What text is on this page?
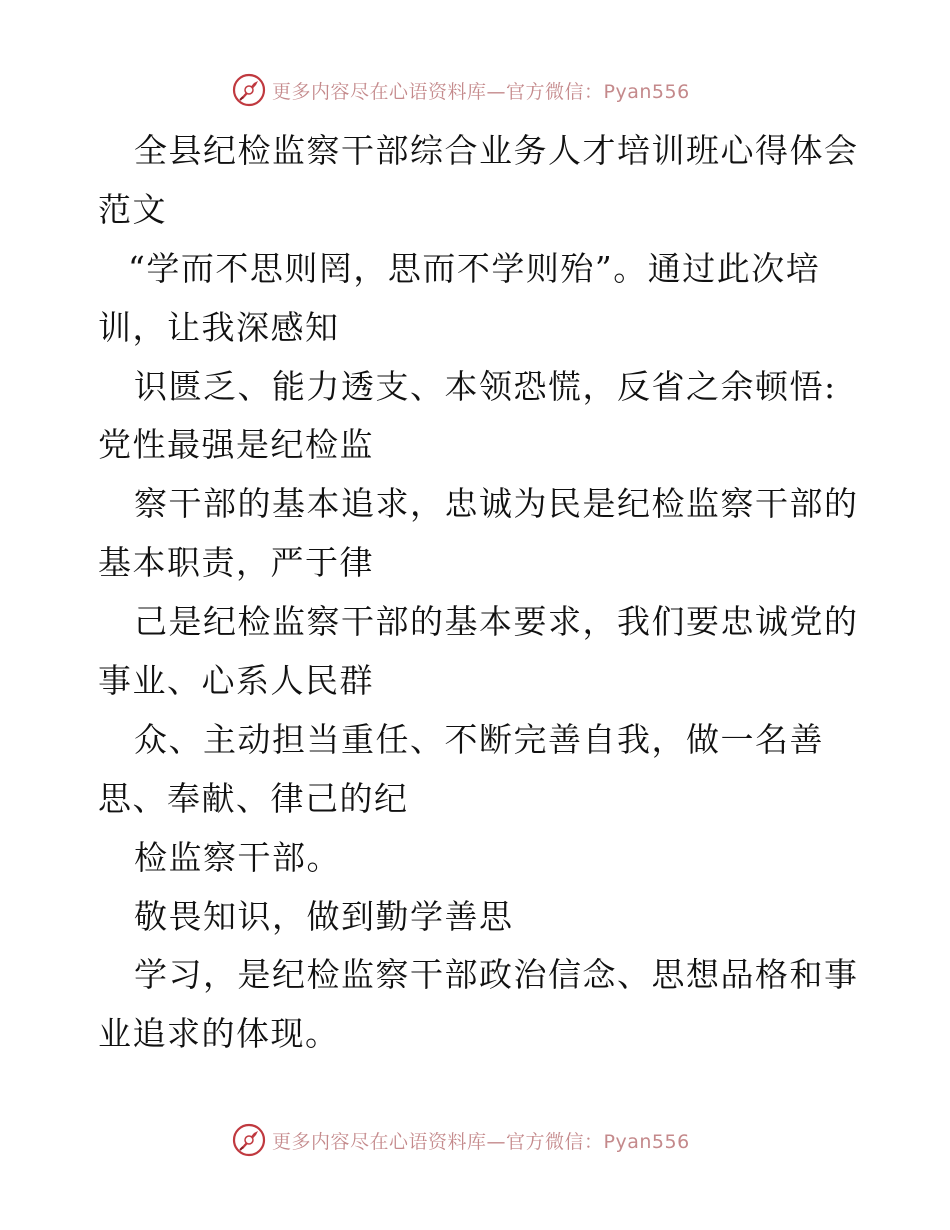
更多内容尽在心语资料库—官方微信：Pyan556
全县纪检监察干部综合业务人才培训班心得体会
范文
“学而不思则罔，思而不学则殆”。通过此次培
训，让我深感知
识匮乏、能力透支、本领恐慌，反省之余顿悟:
党性最强是纪检监
察干部的基本追求，忠诚为民是纪检监察干部的
基本职责，严于律
己是纪检监察干部的基本要求，我们要忠诚党的
事业、心系人民群
众、主动担当重任、不断完善自我，做一名善
思、奉献、律己的纪
检监察干部。
敬畏知识，做到勤学善思
学习，是纪检监察干部政治信念、思想品格和事
业追求的体现。
更多内容尽在心语资料库—官方微信：Pyan556
